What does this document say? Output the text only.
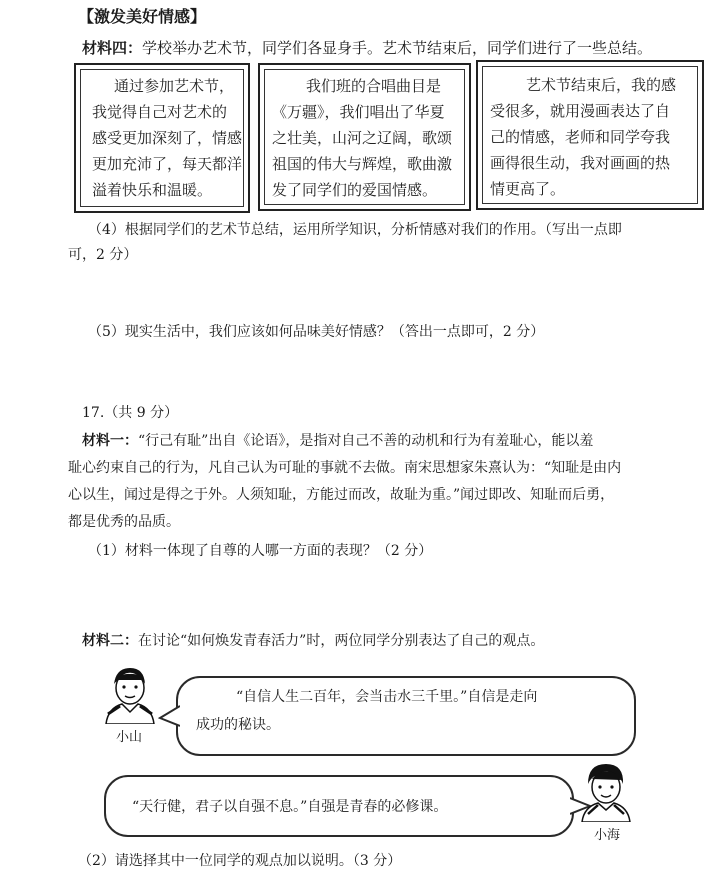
【激发美好情感】
材料四：学校举办艺术节，同学们各显身手。艺术节结束后，同学们进行了一些总结。
通过参加艺术节，
我觉得自己对艺术的
感受更加深刻了，情感
更加充沛了，每天都洋
溢着快乐和温暖。
我们班的合唱曲目是
《万疆》，我们唱出了华夏
之壮美，山河之辽阔，歌颂
祖国的伟大与辉煌，歌曲激
发了同学们的爱国情感。
艺术节结束后，我的感
受很多，就用漫画表达了自
己的情感，老师和同学夸我
画得很生动，我对画画的热
情更高了。
（4）根据同学们的艺术节总结，运用所学知识，分析情感对我们的作用。（写出一点即
可，2 分）
（5）现实生活中，我们应该如何品味美好情感？（答出一点即可，2 分）
17.（共 9 分）
材料一：“行己有耻”出自《论语》，是指对自己不善的动机和行为有羞耻心，能以羞
耻心约束自己的行为，凡自己认为可耻的事就不去做。南宋思想家朱熹认为：“知耻是由内
心以生，闻过是得之于外。人须知耻，方能过而改，故耻为重。”闻过即改、知耻而后勇，
都是优秀的品质。
（1）材料一体现了自尊的人哪一方面的表现？（2 分）
材料二：在讨论“如何焕发青春活力”时，两位同学分别表达了自己的观点。
小山
“自信人生二百年，会当击水三千里。”自信是走向
成功的秘诀。
“天行健，君子以自强不息。”自强是青春的必修课。
小海
（2）请选择其中一位同学的观点加以说明。（3 分）
